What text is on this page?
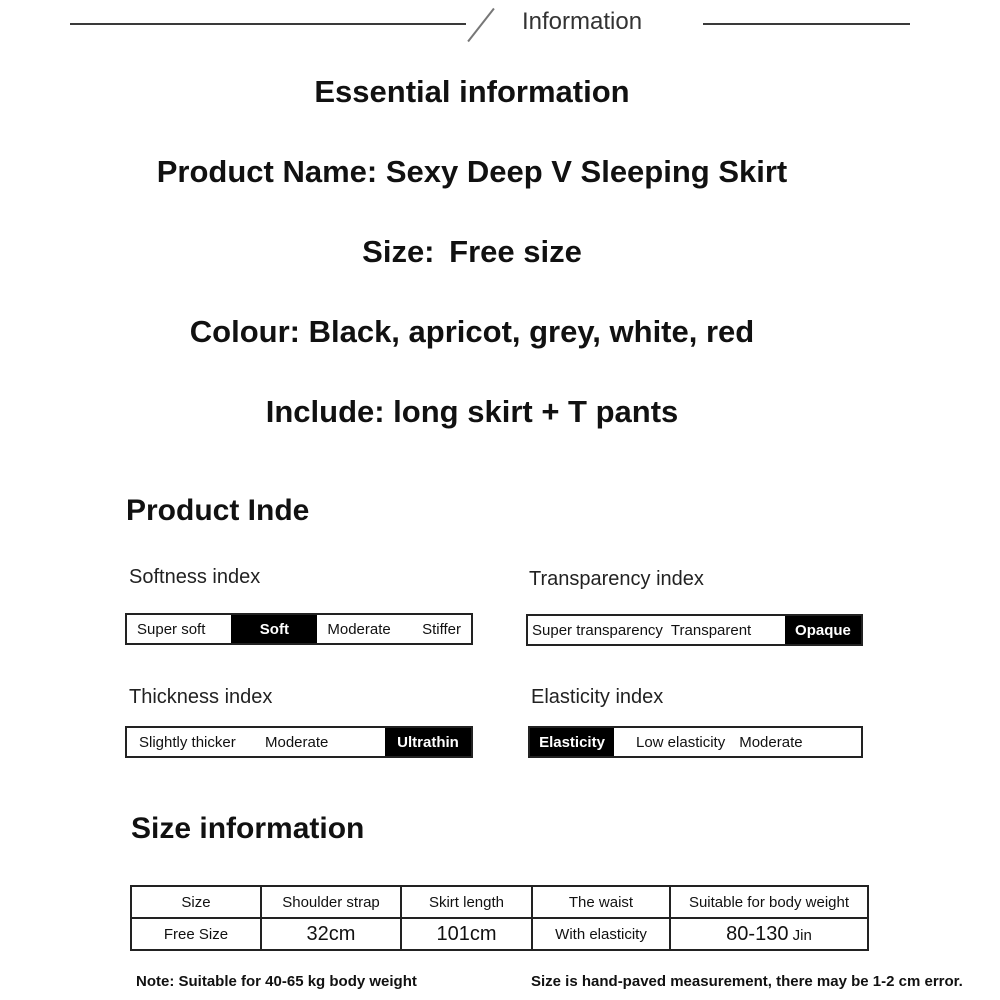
Information
Essential information
Product Name: Sexy Deep V Sleeping Skirt
Size: Free size
Colour: Black, apricot, grey, white, red
Include: long skirt + T pants
Product Inde
Softness index
Super soft	Soft	Moderate	Stiffer
Transparency index
Super transparency Transparent	Opaque
Thickness index
Slightly thicker	Moderate	Ultrathin
Elasticity index
Elasticity	Low elasticity Moderate
Size information
Size	Shoulder strap	Skirt length	The waist	Suitable for body weight
Free Size	32cm	101cm	With elasticity	80-130 Jin
Note: Suitable for 40-65 kg body weight	Size is hand-paved measurement, there may be 1-2 cm error.
